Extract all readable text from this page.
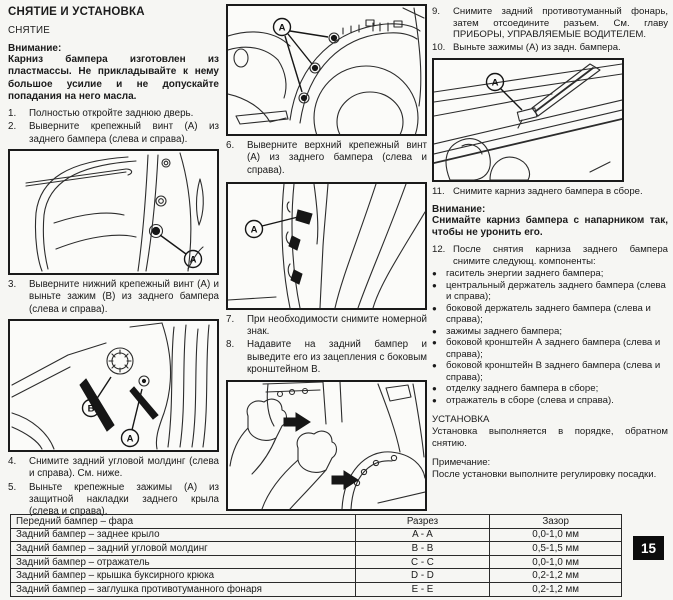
СНЯТИЕ И УСТАНОВКА
СНЯТИЕ
Внимание:

Карниз бампера изготовлен из пластмассы. Не прикладывайте к нему большое усилие и не допускайте попадания на него масла.

1.	Полностью откройте заднюю дверь.
2.	Выверните крепежный винт (А) из заднего бампера (слева и справа).
А
3.	Выверните нижний крепежный винт (А) и выньте зажим (В) из заднего бампера (слева и справа).
В
А
4.	Снимите задний угловой молдинг (слева и справа). См. ниже.
5.	Выньте крепежные зажимы (А) из защитной накладки заднего крыла (слева и справа).
А
6.	Выверните верхний крепежный винт (А) из заднего бампера (слева и справа).
А
7.	При необходимости снимите номерной знак.
8.	Надавите на задний бампер и выведите его из зацепления с боковым кронштейном В.
9.	Снимите задний противотуманный фонарь, затем отсоедините разъем. См. главу ПРИБОРЫ, УПРАВЛЯЕМЫЕ ВОДИТЕЛЕМ.
10. Выньте зажимы (А) из задн. бампера.
А
11. Снимите карниз заднего бампера в сборе.
Внимание:

Снимайте карниз бампера с напарником так, чтобы не уронить его.

12. После снятия карниза заднего бампера снимите следующ. компоненты:
● гаситель энергии заднего бампера;
● центральный держатель заднего бампера (слева и справа);
● боковой держатель заднего бампера (слева и справа);
● зажимы заднего бампера;
● боковой кронштейн А заднего бампера (слева и справа);
● боковой кронштейн В заднего бампера (слева и справа);
● отделку заднего бампера в сборе;
● отражатель в сборе (слева и справа).
УСТАНОВКА

Установка выполняется в порядке, обратном снятию.

Примечание:

После установки выполните регулировку посадки.

Передний бампер – фара	Разрез	Зазор
Задний бампер – заднее крыло	A - A	0,0-1,0 мм
Задний бампер – задний угловой молдинг	B - B	0,5-1,5 мм
Задний бампер – отражатель	C - C	0,0-1,0 мм
Задний бампер – крышка буксирного крюка	D - D	0,2-1,2 мм
Задний бампер – заглушка противотуманного фонаря	E - E	0,2-1,2 мм
15
